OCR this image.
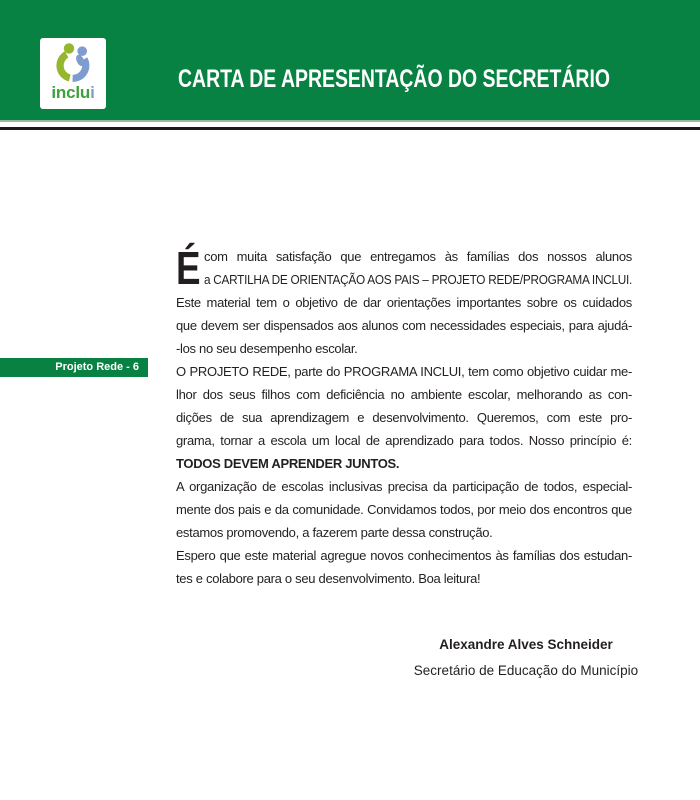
inclui	CARTA DE APRESENTAÇÃO DO SECRETÁRIO
Projeto Rede - 6
É com muita satisfação que entregamos às famílias dos nossos alunos
a CARTILHA DE ORIENTAÇÃO AOS PAIS – PROJETO REDE/PROGRAMA INCLUI.
Este material tem o objetivo de dar orientações importantes sobre os cuidados
que devem ser dispensados aos alunos com necessidades especiais, para ajudá-
-los no seu desempenho escolar.
O PROJETO REDE, parte do PROGRAMA INCLUI, tem como objetivo cuidar me-
lhor dos seus filhos com deficiência no ambiente escolar, melhorando as con-
dições de sua aprendizagem e desenvolvimento. Queremos, com este pro-
grama, tornar a escola um local de aprendizado para todos. Nosso princípio é:
TODOS DEVEM APRENDER JUNTOS.
A organização de escolas inclusivas precisa da participação de todos, especial-
mente dos pais e da comunidade. Convidamos todos, por meio dos encontros que
estamos promovendo, a fazerem parte dessa construção.
Espero que este material agregue novos conhecimentos às famílias dos estudan-
tes e colabore para o seu desenvolvimento. Boa leitura!
Alexandre Alves Schneider
Secretário de Educação do Município
